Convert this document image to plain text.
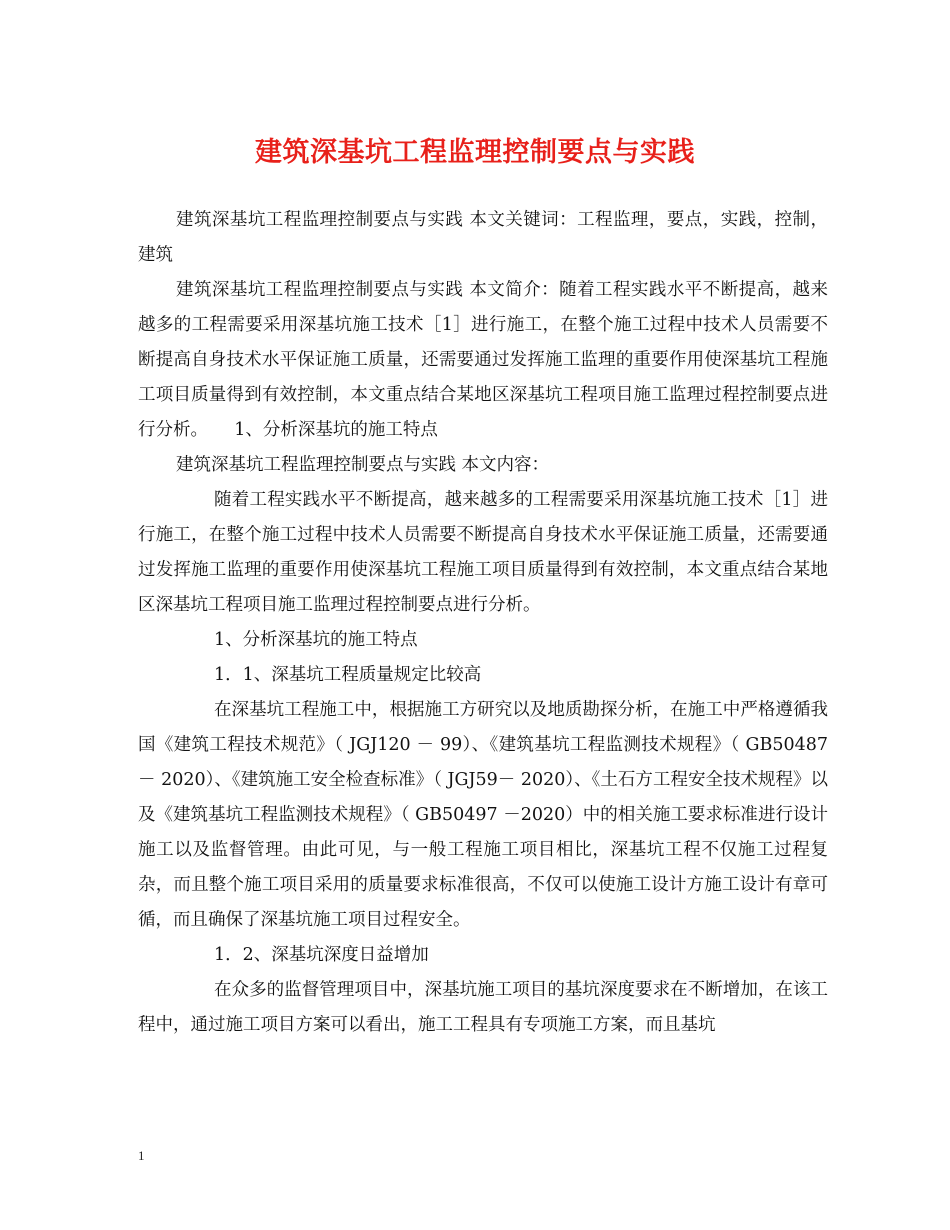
建筑深基坑工程监理控制要点与实践

建筑深基坑工程监理控制要点与实践 本文关键词：工程监理，要点，实践，控制，建筑

建筑深基坑工程监理控制要点与实践 本文简介：随着工程实践水平不断提高，越来越多的工程需要采用深基坑施工技术［1］进行施工，在整个施工过程中技术人员需要不断提高自身技术水平保证施工质量，还需要通过发挥施工监理的重要作用使深基坑工程施工项目质量得到有效控制，本文重点结合某地区深基坑工程项目施工监理过程控制要点进行分析。　　1、分析深基坑的施工特点

建筑深基坑工程监理控制要点与实践 本文内容：

随着工程实践水平不断提高，越来越多的工程需要采用深基坑施工技术［1］进行施工，在整个施工过程中技术人员需要不断提高自身技术水平保证施工质量，还需要通过发挥施工监理的重要作用使深基坑工程施工项目质量得到有效控制，本文重点结合某地区深基坑工程项目施工监理过程控制要点进行分析。

1、分析深基坑的施工特点

1．1、深基坑工程质量规定比较高

在深基坑工程施工中，根据施工方研究以及地质勘探分析，在施工中严格遵循我国《建筑工程技术规范》（ JGJ120 － 99）、《建筑基坑工程监测技术规程》（ GB50487 － 2020）、《建筑施工安全检查标准》（ JGJ59－ 2020）、《土石方工程安全技术规程》以及《建筑基坑工程监测技术规程》（ GB50497 －2020）中的相关施工要求标准进行设计施工以及监督管理。由此可见，与一般工程施工项目相比，深基坑工程不仅施工过程复杂，而且整个施工项目采用的质量要求标准很高，不仅可以使施工设计方施工设计有章可循，而且确保了深基坑施工项目过程安全。

1．2、深基坑深度日益增加

在众多的监督管理项目中，深基坑施工项目的基坑深度要求在不断增加，在该工程中，通过施工项目方案可以看出，施工工程具有专项施工方案，而且基坑

1
